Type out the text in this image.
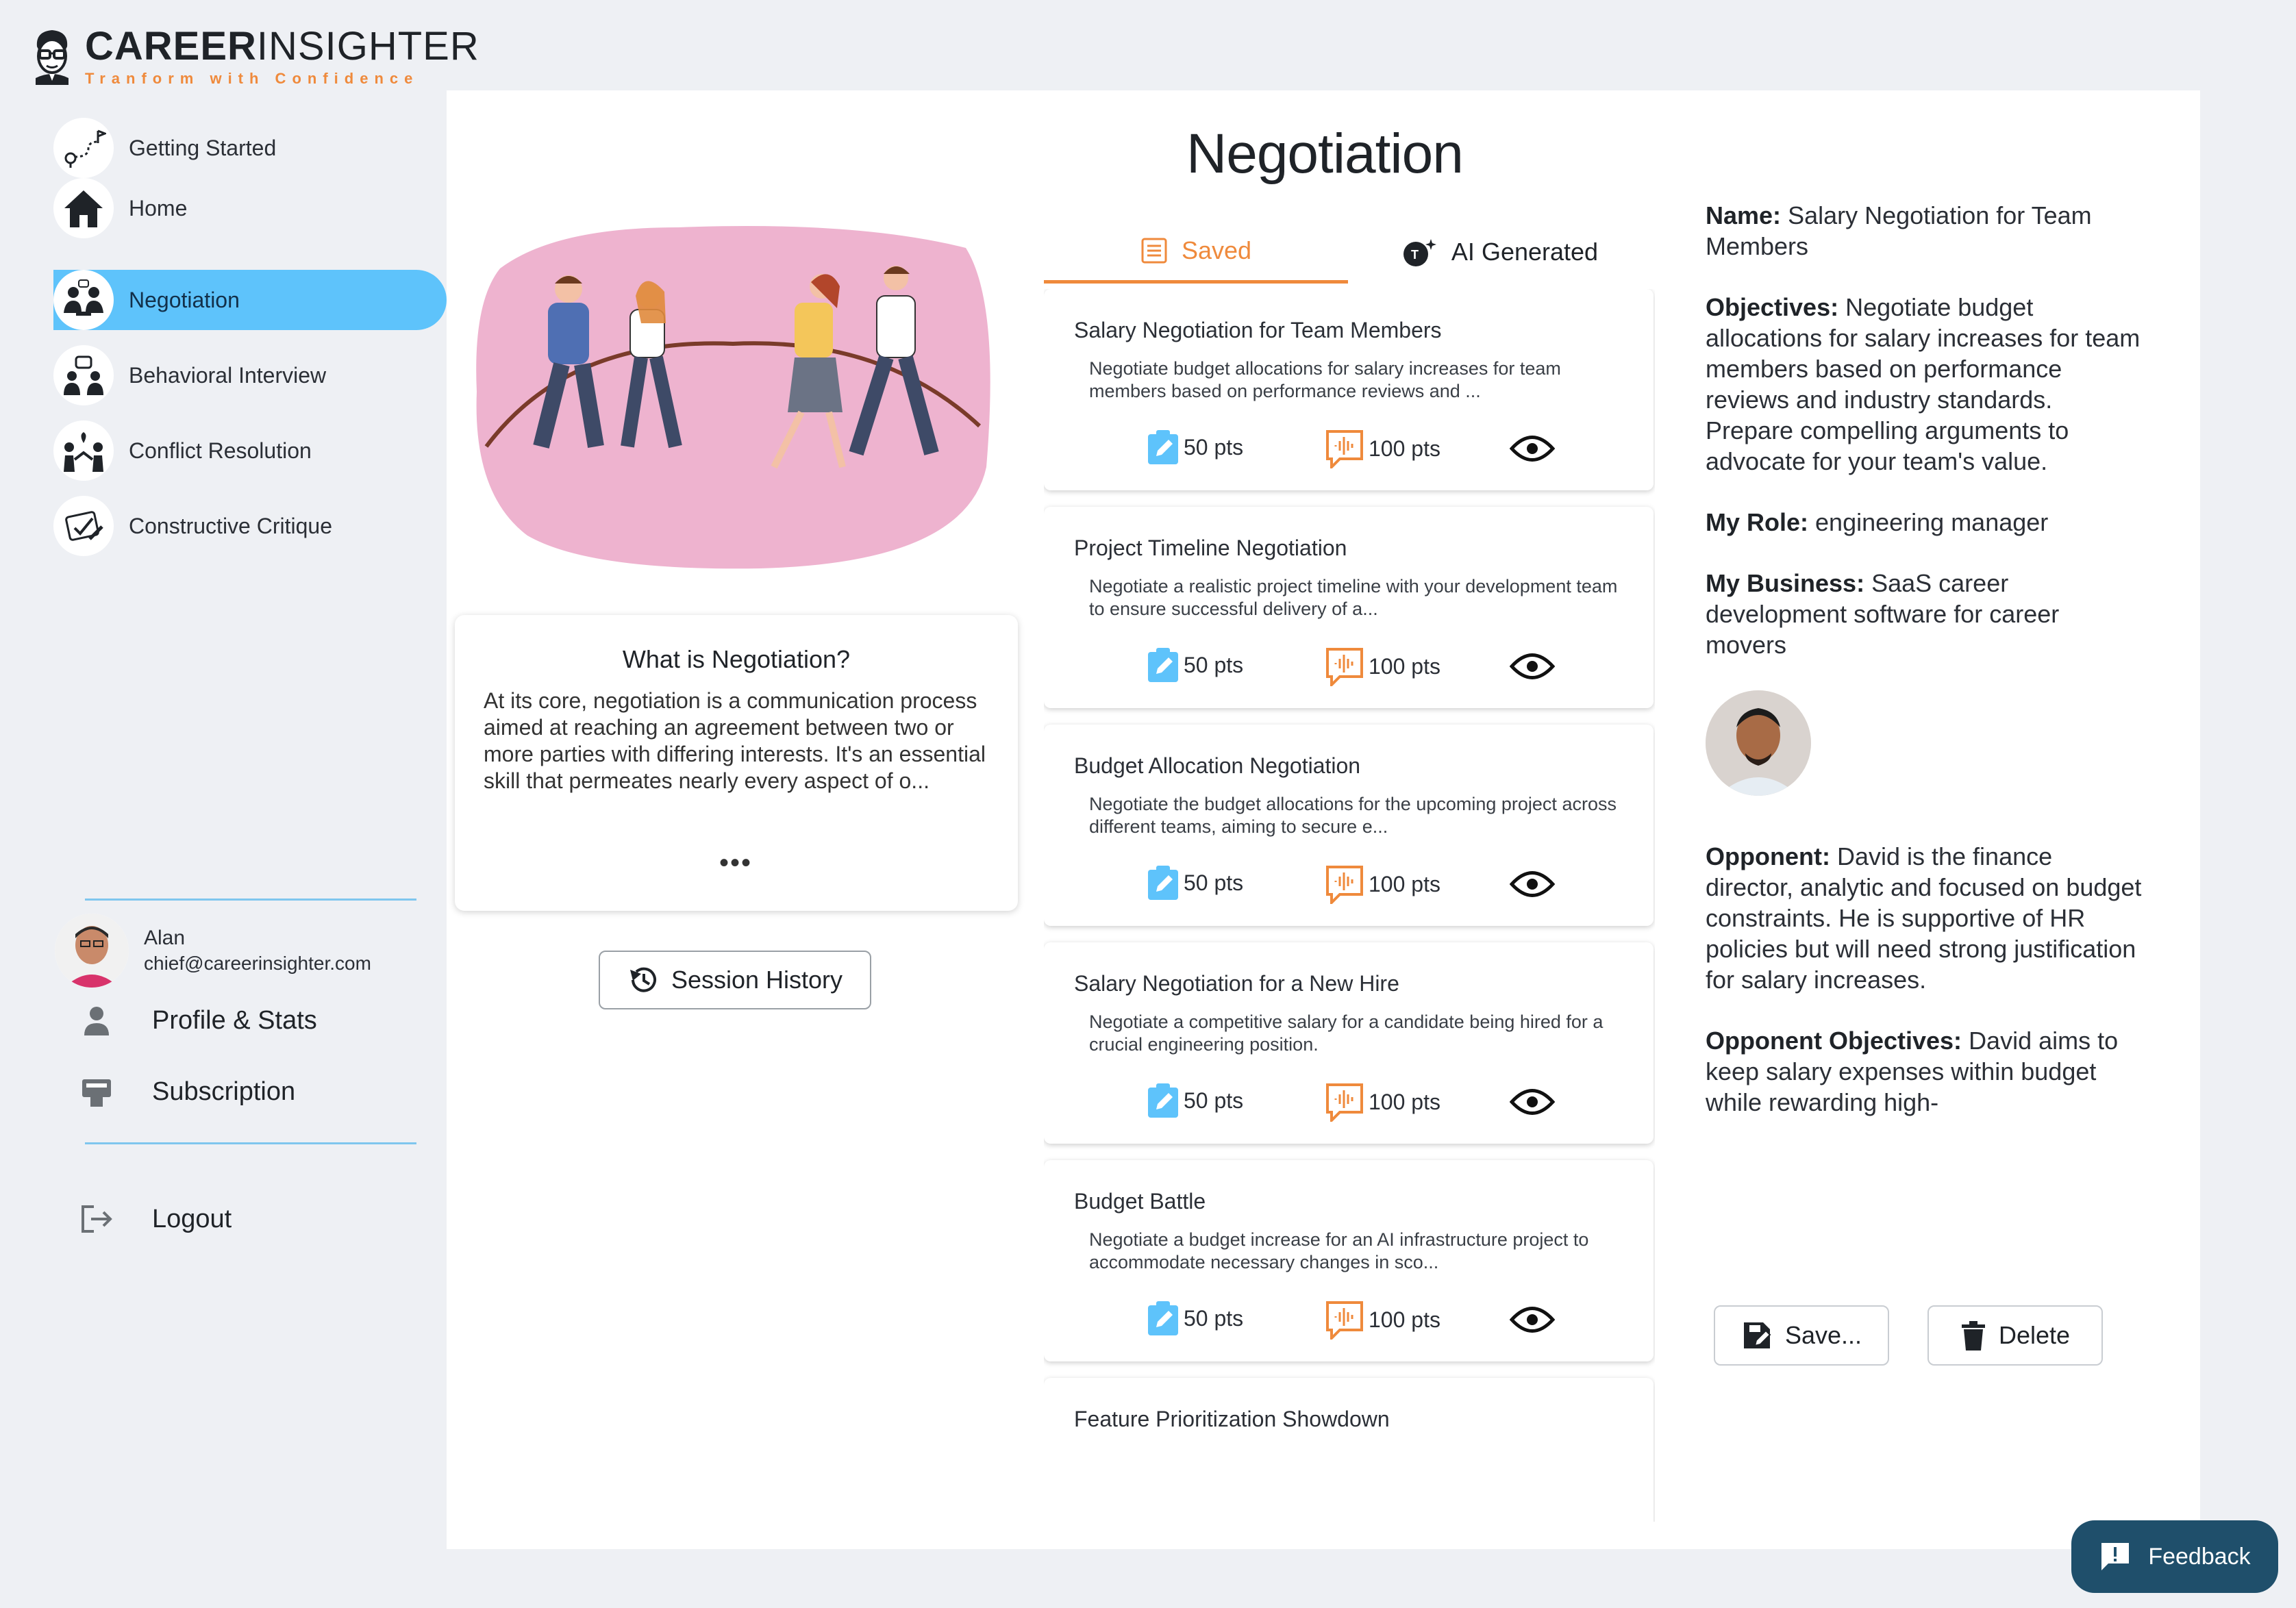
CAREERINSIGHTER
Tranform with Confidence
Getting Started
Home
Negotiation
Behavioral Interview
Conflict Resolution
Constructive Critique
Alan
chief@careerinsighter.com
Profile & Stats
Subscription
Logout
Negotiation
What is Negotiation?

At its core, negotiation is a communication process aimed at reaching an agreement between two or more parties with differing interests. It's an essential skill that permeates nearly every aspect of o...

•••
Session History
Saved	T AI Generated
Salary Negotiation for Team Members
Negotiate budget allocations for salary increases for team members based on performance reviews and ...
50 pts	100 pts
Project Timeline Negotiation
Negotiate a realistic project timeline with your development team to ensure successful delivery of a...
50 pts	100 pts
Budget Allocation Negotiation
Negotiate the budget allocations for the upcoming project across different teams, aiming to secure e...
50 pts	100 pts
Salary Negotiation for a New Hire
Negotiate a competitive salary for a candidate being hired for a crucial engineering position.
50 pts	100 pts
Budget Battle
Negotiate a budget increase for an AI infrastructure project to accommodate necessary changes in sco...
50 pts	100 pts
Feature Prioritization Showdown

Name: Salary Negotiation for Team Members

Objectives: Negotiate budget allocations for salary increases for team members based on performance reviews and industry standards. Prepare compelling arguments to advocate for your team's value.

My Role: engineering manager

My Business: SaaS career development software for career movers

Opponent: David is the finance director, analytic and focused on budget constraints. He is supportive of HR policies but will need strong justification for salary increases.

Opponent Objectives: David aims to keep salary expenses within budget while rewarding high-

Save...	Delete
Feedback
